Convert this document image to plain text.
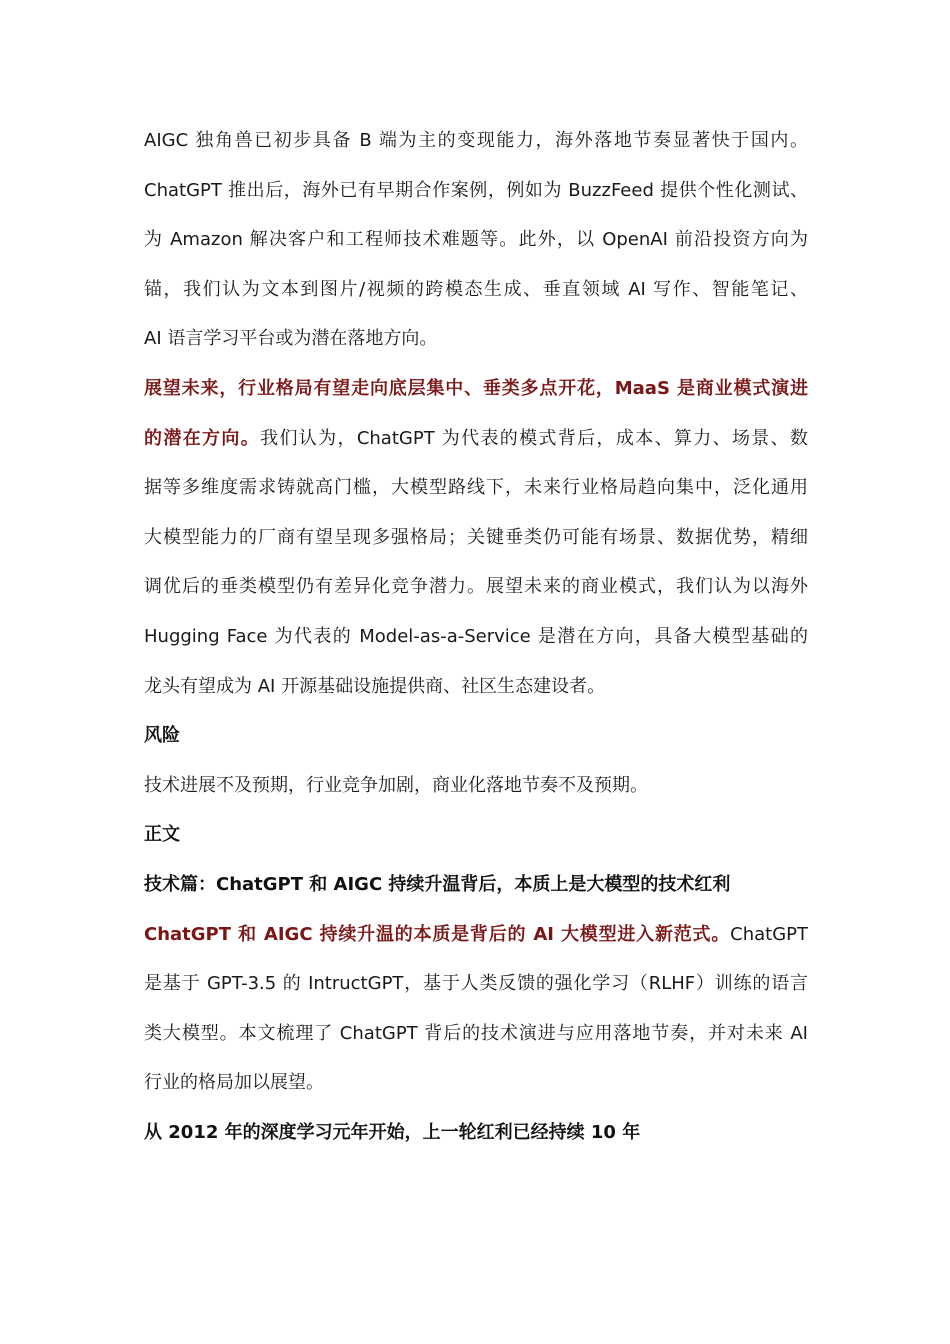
AIGC 独角兽已初步具备 B 端为主的变现能力，海外落地节奏显著快于国内。
ChatGPT 推出后，海外已有早期合作案例，例如为 BuzzFeed 提供个性化测试、
为 Amazon 解决客户和工程师技术难题等。此外，以 OpenAI 前沿投资方向为
锚，我们认为文本到图片/视频的跨模态生成、垂直领域 AI 写作、智能笔记、
AI 语言学习平台或为潜在落地方向。
展望未来，行业格局有望走向底层集中、垂类多点开花，MaaS 是商业模式演进
的潜在方向。我们认为，ChatGPT 为代表的模式背后，成本、算力、场景、数
据等多维度需求铸就高门槛，大模型路线下，未来行业格局趋向集中，泛化通用
大模型能力的厂商有望呈现多强格局；关键垂类仍可能有场景、数据优势，精细
调优后的垂类模型仍有差异化竞争潜力。展望未来的商业模式，我们认为以海外
Hugging Face 为代表的 Model-as-a-Service 是潜在方向，具备大模型基础的
龙头有望成为 AI 开源基础设施提供商、社区生态建设者。
风险
技术进展不及预期，行业竞争加剧，商业化落地节奏不及预期。
正文
技术篇：ChatGPT 和 AIGC 持续升温背后，本质上是大模型的技术红利
ChatGPT 和 AIGC 持续升温的本质是背后的 AI 大模型进入新范式。ChatGPT
是基于 GPT-3.5 的 IntructGPT，基于人类反馈的强化学习（RLHF）训练的语言
类大模型。本文梳理了 ChatGPT 背后的技术演进与应用落地节奏，并对未来 AI
行业的格局加以展望。
从 2012 年的深度学习元年开始，上一轮红利已经持续 10 年
